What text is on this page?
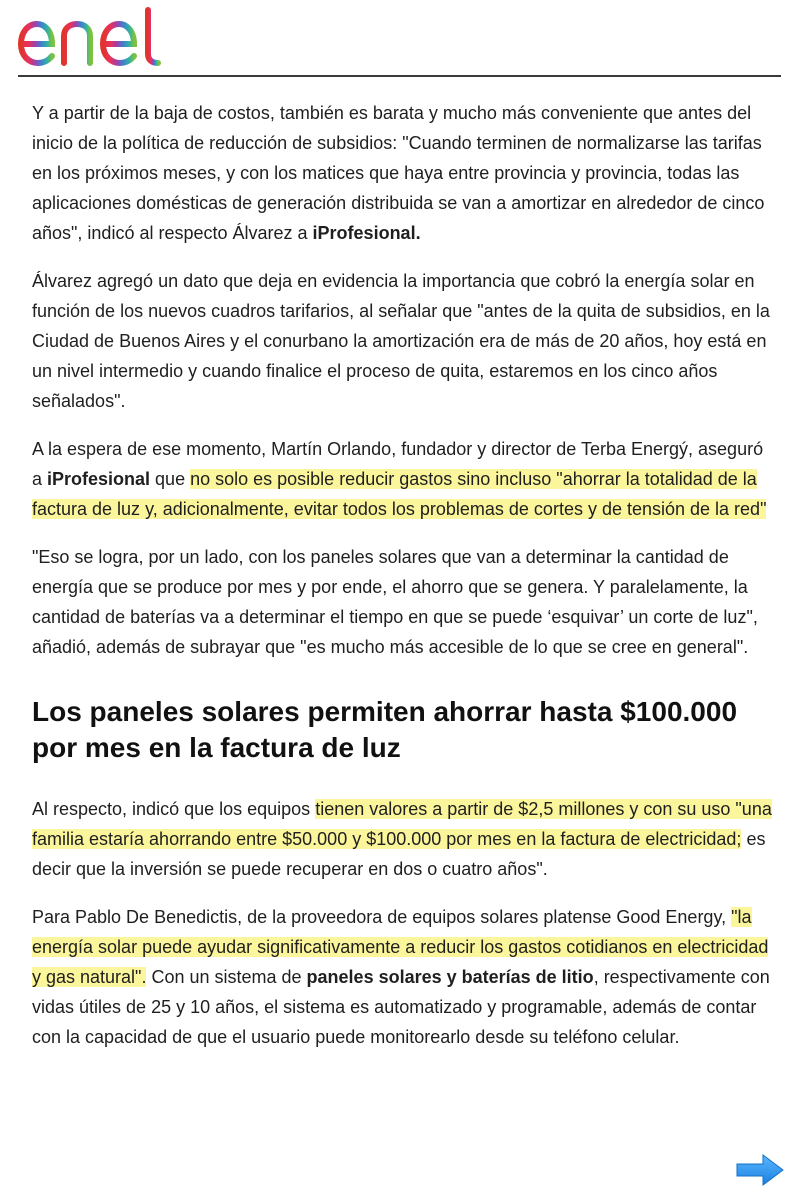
Y a partir de la baja de costos, también es barata y mucho más conveniente que antes del inicio de la política de reducción de subsidios: "Cuando terminen de normalizarse las tarifas en los próximos meses, y con los matices que haya entre provincia y provincia, todas las aplicaciones domésticas de generación distribuida se van a amortizar en alrededor de cinco años", indicó al respecto Álvarez a iProfesional.

Álvarez agregó un dato que deja en evidencia la importancia que cobró la energía solar en función de los nuevos cuadros tarifarios, al señalar que "antes de la quita de subsidios, en la Ciudad de Buenos Aires y el conurbano la amortización era de más de 20 años, hoy está en un nivel intermedio y cuando finalice el proceso de quita, estaremos en los cinco años señalados".

A la espera de ese momento, Martín Orlando, fundador y director de Terba Energý, aseguró a iProfesional que no solo es posible reducir gastos sino incluso "ahorrar la totalidad de la factura de luz y, adicionalmente, evitar todos los problemas de cortes y de tensión de la red"

"Eso se logra, por un lado, con los paneles solares que van a determinar la cantidad de energía que se produce por mes y por ende, el ahorro que se genera. Y paralelamente, la cantidad de baterías va a determinar el tiempo en que se puede ‘esquivar’ un corte de luz", añadió, además de subrayar que "es mucho más accesible de lo que se cree en general".

Los paneles solares permiten ahorrar hasta $100.000 por mes en la factura de luz

Al respecto, indicó que los equipos tienen valores a partir de $2,5 millones y con su uso "una familia estaría ahorrando entre $50.000 y $100.000 por mes en la factura de electricidad; es decir que la inversión se puede recuperar en dos o cuatro años".

Para Pablo De Benedictis, de la proveedora de equipos solares platense Good Energy, "la energía solar puede ayudar significativamente a reducir los gastos cotidianos en electricidad y gas natural". Con un sistema de paneles solares y baterías de litio, respectivamente con vidas útiles de 25 y 10 años, el sistema es automatizado y programable, además de contar con la capacidad de que el usuario puede monitorearlo desde su teléfono celular.
